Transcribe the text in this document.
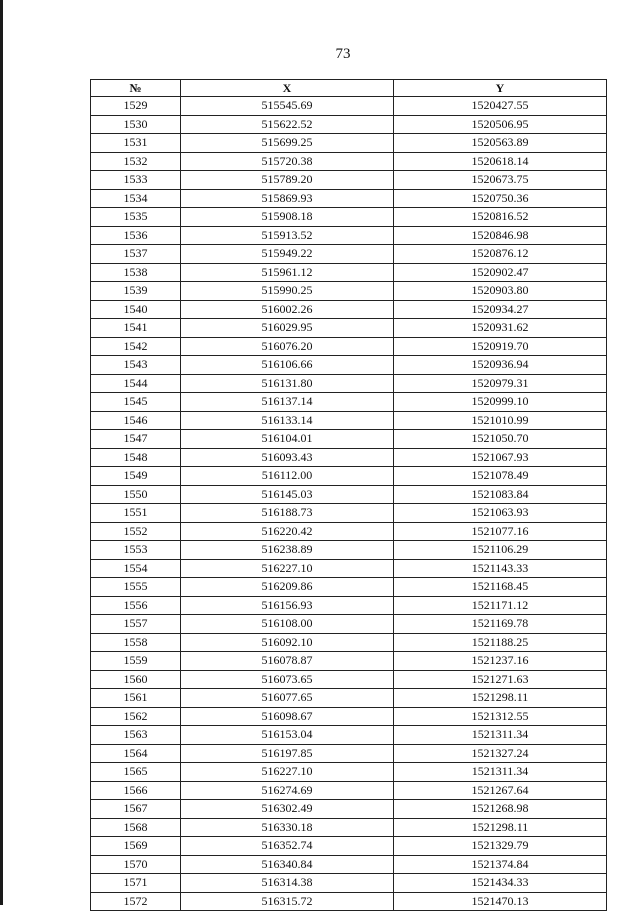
73
№	X	Y
1529	515545.69	1520427.55
1530	515622.52	1520506.95
1531	515699.25	1520563.89
1532	515720.38	1520618.14
1533	515789.20	1520673.75
1534	515869.93	1520750.36
1535	515908.18	1520816.52
1536	515913.52	1520846.98
1537	515949.22	1520876.12
1538	515961.12	1520902.47
1539	515990.25	1520903.80
1540	516002.26	1520934.27
1541	516029.95	1520931.62
1542	516076.20	1520919.70
1543	516106.66	1520936.94
1544	516131.80	1520979.31
1545	516137.14	1520999.10
1546	516133.14	1521010.99
1547	516104.01	1521050.70
1548	516093.43	1521067.93
1549	516112.00	1521078.49
1550	516145.03	1521083.84
1551	516188.73	1521063.93
1552	516220.42	1521077.16
1553	516238.89	1521106.29
1554	516227.10	1521143.33
1555	516209.86	1521168.45
1556	516156.93	1521171.12
1557	516108.00	1521169.78
1558	516092.10	1521188.25
1559	516078.87	1521237.16
1560	516073.65	1521271.63
1561	516077.65	1521298.11
1562	516098.67	1521312.55
1563	516153.04	1521311.34
1564	516197.85	1521327.24
1565	516227.10	1521311.34
1566	516274.69	1521267.64
1567	516302.49	1521268.98
1568	516330.18	1521298.11
1569	516352.74	1521329.79
1570	516340.84	1521374.84
1571	516314.38	1521434.33
1572	516315.72	1521470.13
